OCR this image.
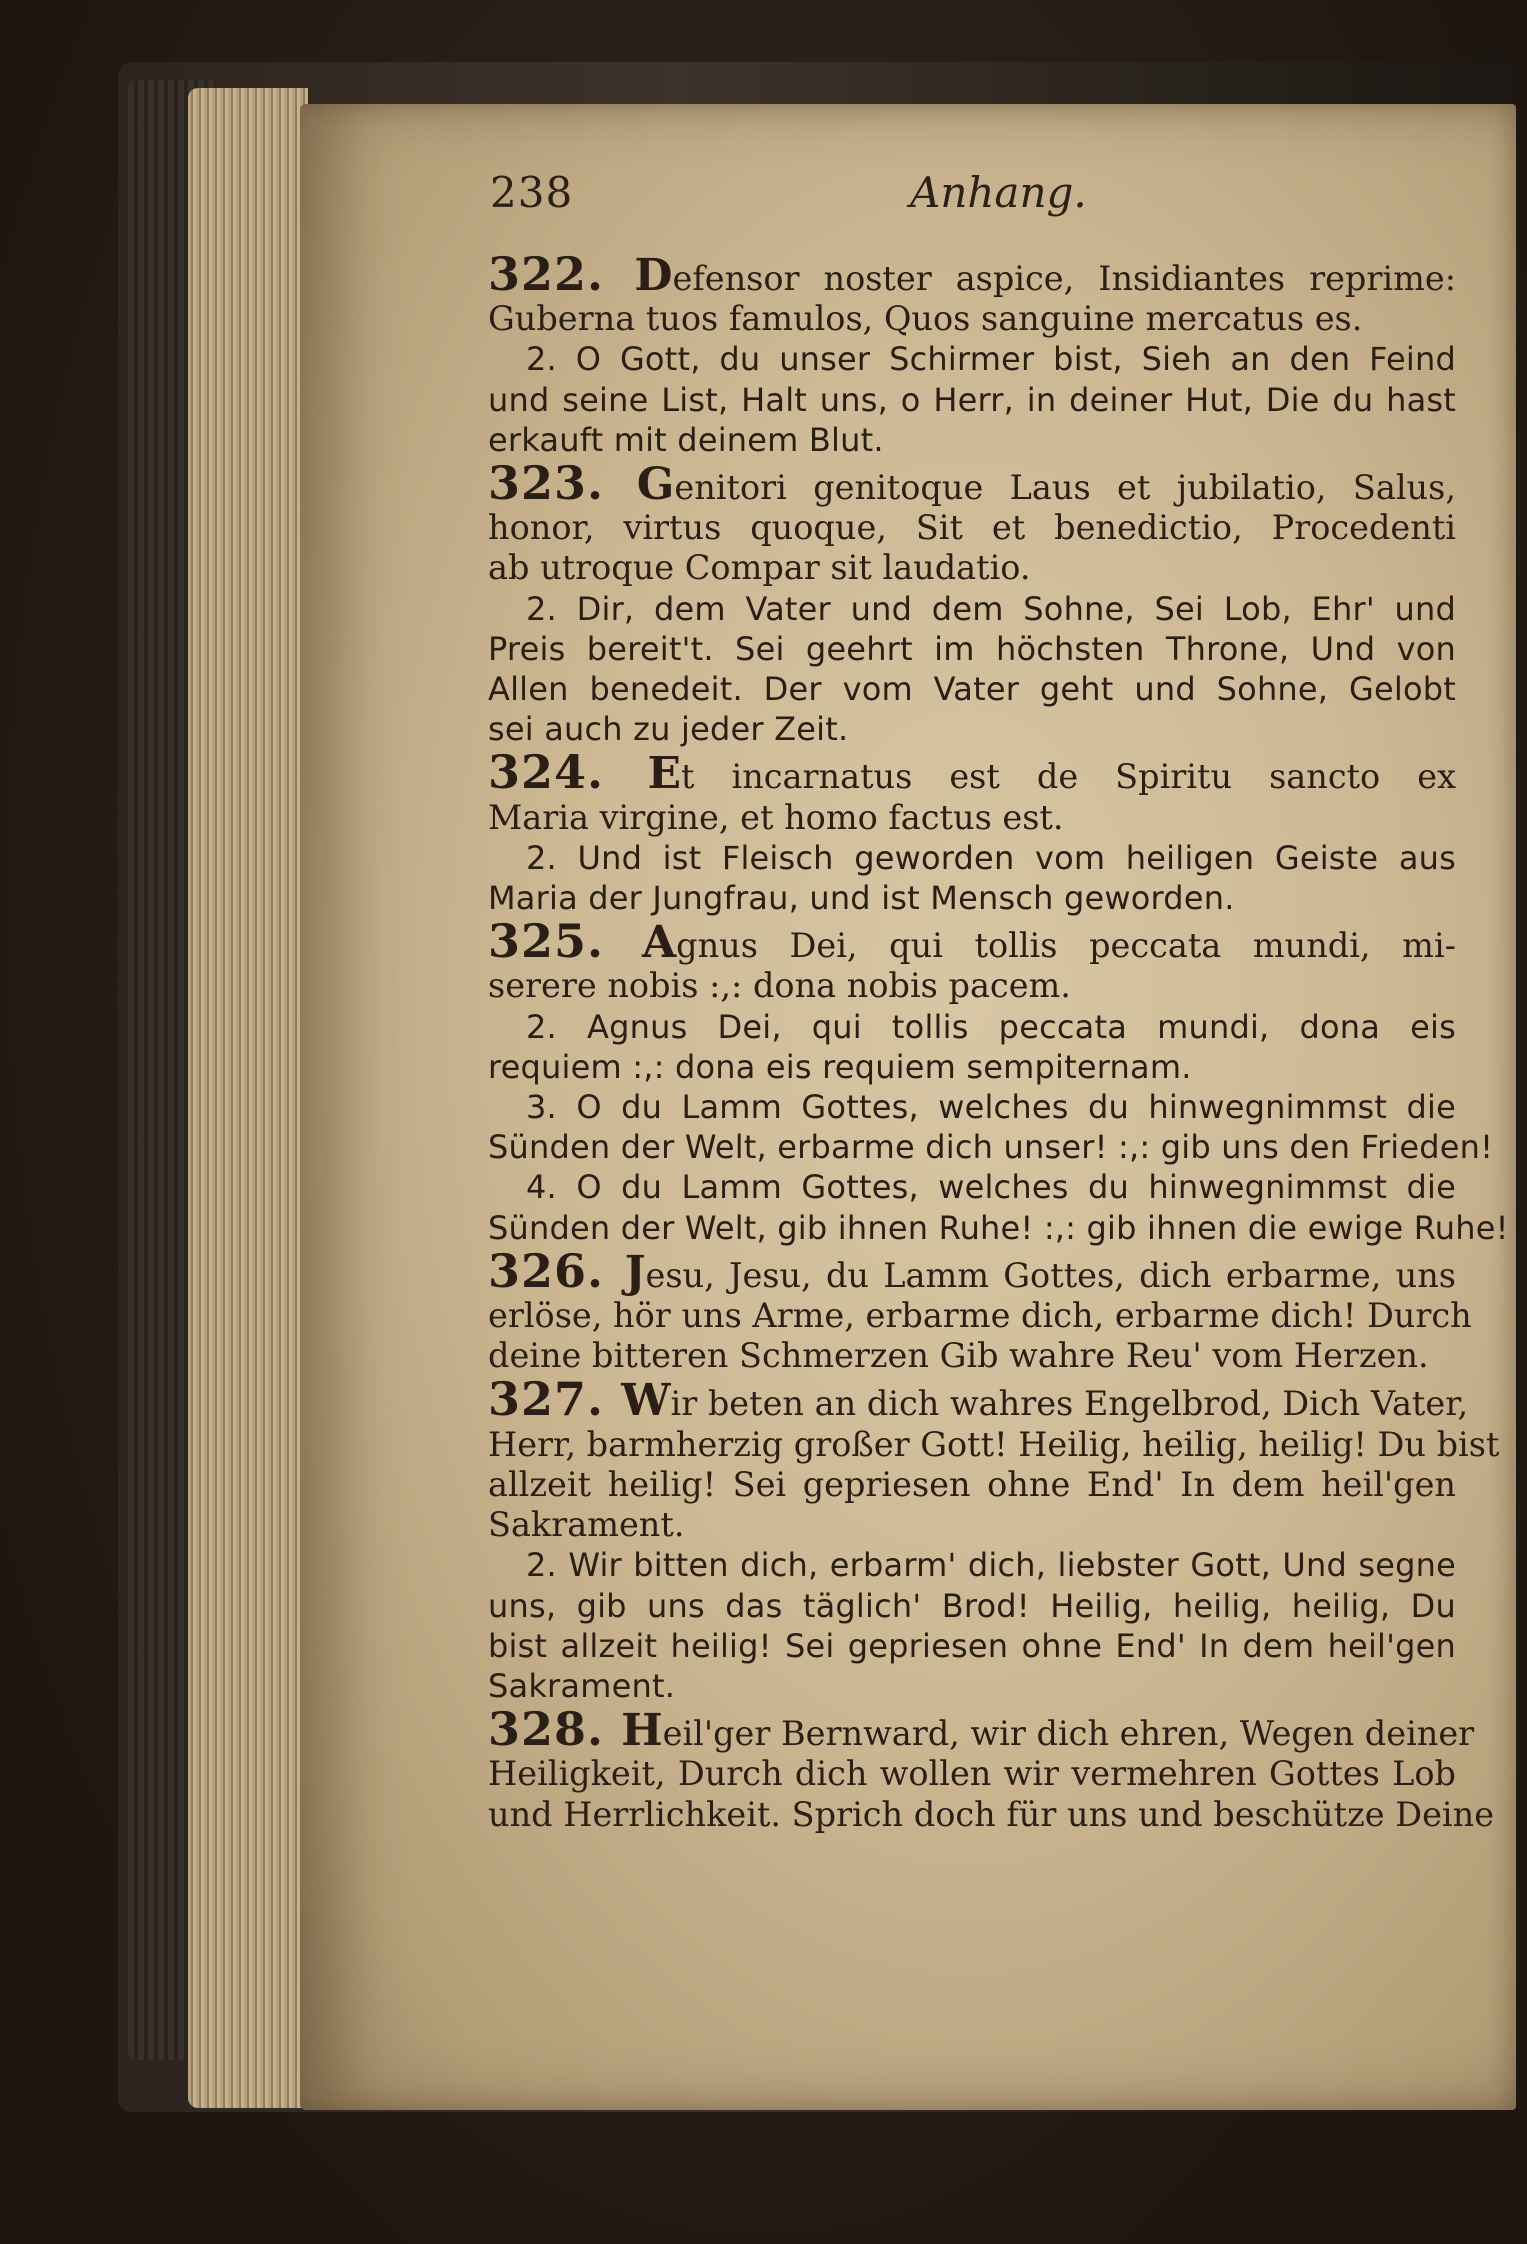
238	Anhang.
322. Defensor noster aspice, Insidiantes reprime:
Guberna tuos famulos, Quos sanguine mercatus es.
2. O Gott, du unser Schirmer bist, Sieh an den Feind
und seine List, Halt uns, o Herr, in deiner Hut, Die du hast
erkauft mit deinem Blut.
323. Genitori genitoque Laus et jubilatio, Salus,
honor, virtus quoque, Sit et benedictio, Procedenti
ab utroque Compar sit laudatio.
2. Dir, dem Vater und dem Sohne, Sei Lob, Ehr' und
Preis bereit't. Sei geehrt im höchsten Throne, Und von
Allen benedeit. Der vom Vater geht und Sohne, Gelobt
sei auch zu jeder Zeit.
324. Et incarnatus est de Spiritu sancto ex
Maria virgine, et homo factus est.
2. Und ist Fleisch geworden vom heiligen Geiste aus
Maria der Jungfrau, und ist Mensch geworden.
325. Agnus Dei, qui tollis peccata mundi, mi-
serere nobis :,: dona nobis pacem.
2. Agnus Dei, qui tollis peccata mundi, dona eis
requiem :,: dona eis requiem sempiternam.
3. O du Lamm Gottes, welches du hinwegnimmst die
Sünden der Welt, erbarme dich unser! :,: gib uns den Frieden!
4. O du Lamm Gottes, welches du hinwegnimmst die
Sünden der Welt, gib ihnen Ruhe! :,: gib ihnen die ewige Ruhe!
326. Jesu, Jesu, du Lamm Gottes, dich erbarme, uns
erlöse, hör uns Arme, erbarme dich, erbarme dich! Durch
deine bitteren Schmerzen Gib wahre Reu' vom Herzen.
327. Wir beten an dich wahres Engelbrod, Dich Vater,
Herr, barmherzig großer Gott! Heilig, heilig, heilig! Du bist
allzeit heilig! Sei gepriesen ohne End' In dem heil'gen
Sakrament.
2. Wir bitten dich, erbarm' dich, liebster Gott, Und segne
uns, gib uns das täglich' Brod! Heilig, heilig, heilig, Du
bist allzeit heilig! Sei gepriesen ohne End' In dem heil'gen
Sakrament.
328. Heil'ger Bernward, wir dich ehren, Wegen deiner
Heiligkeit, Durch dich wollen wir vermehren Gottes Lob
und Herrlichkeit. Sprich doch für uns und beschütze Deine
